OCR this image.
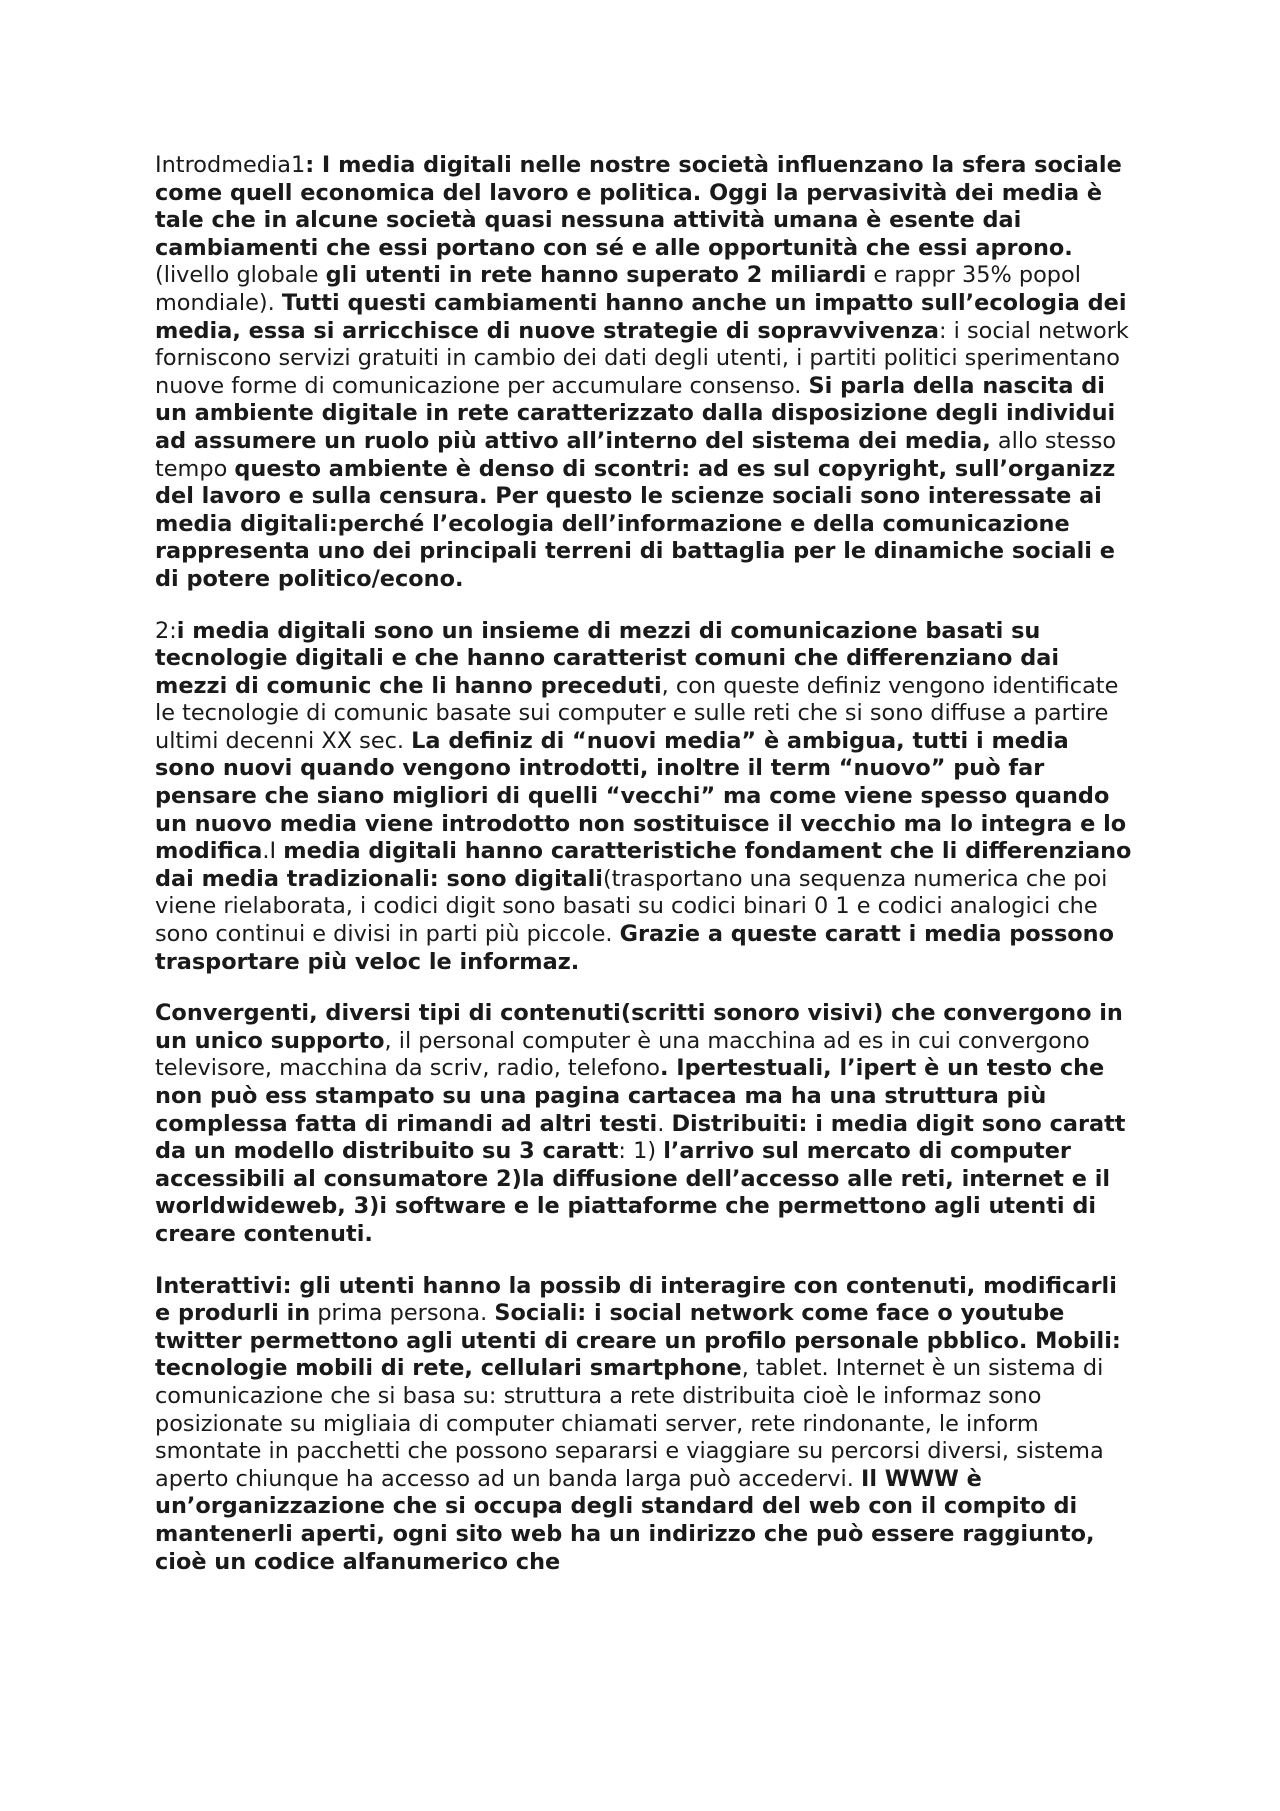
Introdmedia1: I media digitali nelle nostre società influenzano la sfera sociale come quell economica del lavoro e politica. Oggi la pervasività dei media è tale che in alcune società quasi nessuna attività umana è esente dai cambiamenti che essi portano con sé e alle opportunità che essi aprono. (livello globale gli utenti in rete hanno superato 2 miliardi e rappr 35% popol mondiale). Tutti questi cambiamenti hanno anche un impatto sull’ecologia dei media, essa si arricchisce di nuove strategie di sopravvivenza: i social network forniscono servizi gratuiti in cambio dei dati degli utenti, i partiti politici sperimentano nuove forme di comunicazione per accumulare consenso. Si parla della nascita di un ambiente digitale in rete caratterizzato dalla disposizione degli individui ad assumere un ruolo più attivo all’interno del sistema dei media, allo stesso tempo questo ambiente è denso di scontri: ad es sul copyright, sull’organizz del lavoro e sulla censura. Per questo le scienze sociali sono interessate ai media digitali:perché l’ecologia dell’informazione e della comunicazione rappresenta uno dei principali terreni di battaglia per le dinamiche sociali e di potere politico/econo.

2:i media digitali sono un insieme di mezzi di comunicazione basati su tecnologie digitali e che hanno caratterist comuni che differenziano dai mezzi di comunic che li hanno preceduti, con queste definiz vengono identificate le tecnologie di comunic basate sui computer e sulle reti che si sono diffuse a partire ultimi decenni XX sec. La definiz di “nuovi media” è ambigua, tutti i media sono nuovi quando vengono introdotti, inoltre il term “nuovo” può far pensare che siano migliori di quelli “vecchi” ma come viene spesso quando un nuovo media viene introdotto non sostituisce il vecchio ma lo integra e lo modifica.I media digitali hanno caratteristiche fondament che li differenziano dai media tradizionali: sono digitali(trasportano una sequenza numerica che poi viene rielaborata, i codici digit sono basati su codici binari 0 1 e codici analogici che sono continui e divisi in parti più piccole. Grazie a queste caratt i media possono trasportare più veloc le informaz.

Convergenti, diversi tipi di contenuti(scritti sonoro visivi) che convergono in un unico supporto, il personal computer è una macchina ad es in cui convergono televisore, macchina da scriv, radio, telefono. Ipertestuali, l’ipert è un testo che non può ess stampato su una pagina cartacea ma ha una struttura più complessa fatta di rimandi ad altri testi. Distribuiti: i media digit sono caratt da un modello distribuito su 3 caratt: 1) l’arrivo sul mercato di computer accessibili al consumatore 2)la diffusione dell’accesso alle reti, internet e il worldwideweb, 3)i software e le piattaforme che permettono agli utenti di creare contenuti.

Interattivi: gli utenti hanno la possib di interagire con contenuti, modificarli e produrli in prima persona. Sociali: i social network come face o youtube twitter permettono agli utenti di creare un profilo personale pbblico. Mobili: tecnologie mobili di rete, cellulari smartphone, tablet. Internet è un sistema di comunicazione che si basa su: struttura a rete distribuita cioè le informaz sono posizionate su migliaia di computer chiamati server, rete rindonante, le inform smontate in pacchetti che possono separarsi e viaggiare su percorsi diversi, sistema aperto chiunque ha accesso ad un banda larga può accedervi. Il WWW è un’organizzazione che si occupa degli standard del web con il compito di mantenerli aperti, ogni sito web ha un indirizzo che può essere raggiunto, cioè un codice alfanumerico che
